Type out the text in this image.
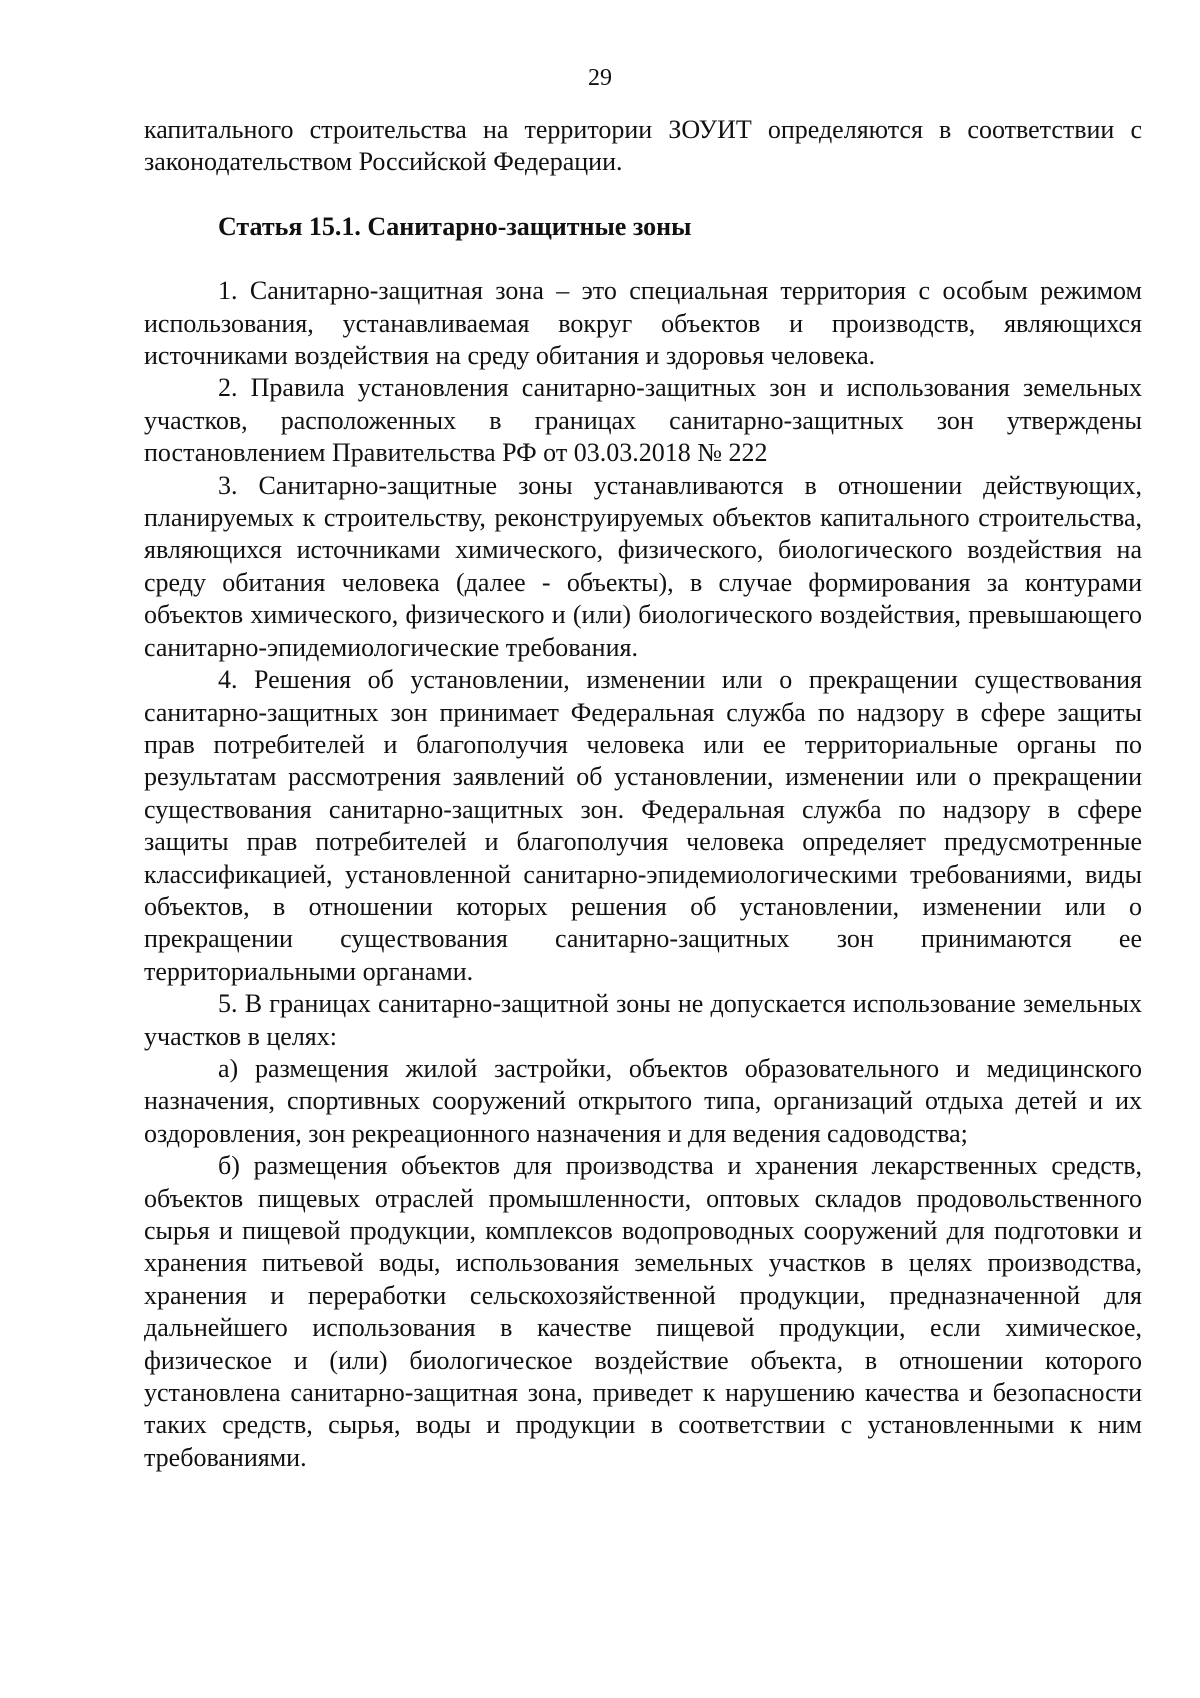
29

капитального строительства на территории ЗОУИТ определяются в соответствии с законодательством Российской Федерации.

Статья 15.1. Санитарно-защитные зоны

1. Санитарно-защитная зона – это специальная территория с особым режимом использования, устанавливаемая вокруг объектов и производств, являющихся источниками воздействия на среду обитания и здоровья человека.

2. Правила установления санитарно-защитных зон и использования земельных участков, расположенных в границах санитарно-защитных зон утверждены постановлением Правительства РФ от 03.03.2018 № 222

3. Санитарно-защитные зоны устанавливаются в отношении действующих, планируемых к строительству, реконструируемых объектов капитального строительства, являющихся источниками химического, физического, биологического воздействия на среду обитания человека (далее - объекты), в случае формирования за контурами объектов химического, физического и (или) биологического воздействия, превышающего санитарно-эпидемиологические требования.

4. Решения об установлении, изменении или о прекращении существования санитарно-защитных зон принимает Федеральная служба по надзору в сфере защиты прав потребителей и благополучия человека или ее территориальные органы по результатам рассмотрения заявлений об установлении, изменении или о прекращении существования санитарно-защитных зон. Федеральная служба по надзору в сфере защиты прав потребителей и благополучия человека определяет предусмотренные классификацией, установленной санитарно-эпидемиологическими требованиями, виды объектов, в отношении которых решения об установлении, изменении или о прекращении существования санитарно-защитных зон принимаются ее территориальными органами.

5. В границах санитарно-защитной зоны не допускается использование земельных участков в целях:

а) размещения жилой застройки, объектов образовательного и медицинского назначения, спортивных сооружений открытого типа, организаций отдыха детей и их оздоровления, зон рекреационного назначения и для ведения садоводства;

б) размещения объектов для производства и хранения лекарственных средств, объектов пищевых отраслей промышленности, оптовых складов продовольственного сырья и пищевой продукции, комплексов водопроводных сооружений для подготовки и хранения питьевой воды, использования земельных участков в целях производства, хранения и переработки сельскохозяйственной продукции, предназначенной для дальнейшего использования в качестве пищевой продукции, если химическое, физическое и (или) биологическое воздействие объекта, в отношении которого установлена санитарно-защитная зона, приведет к нарушению качества и безопасности таких средств, сырья, воды и продукции в соответствии с установленными к ним требованиями.
